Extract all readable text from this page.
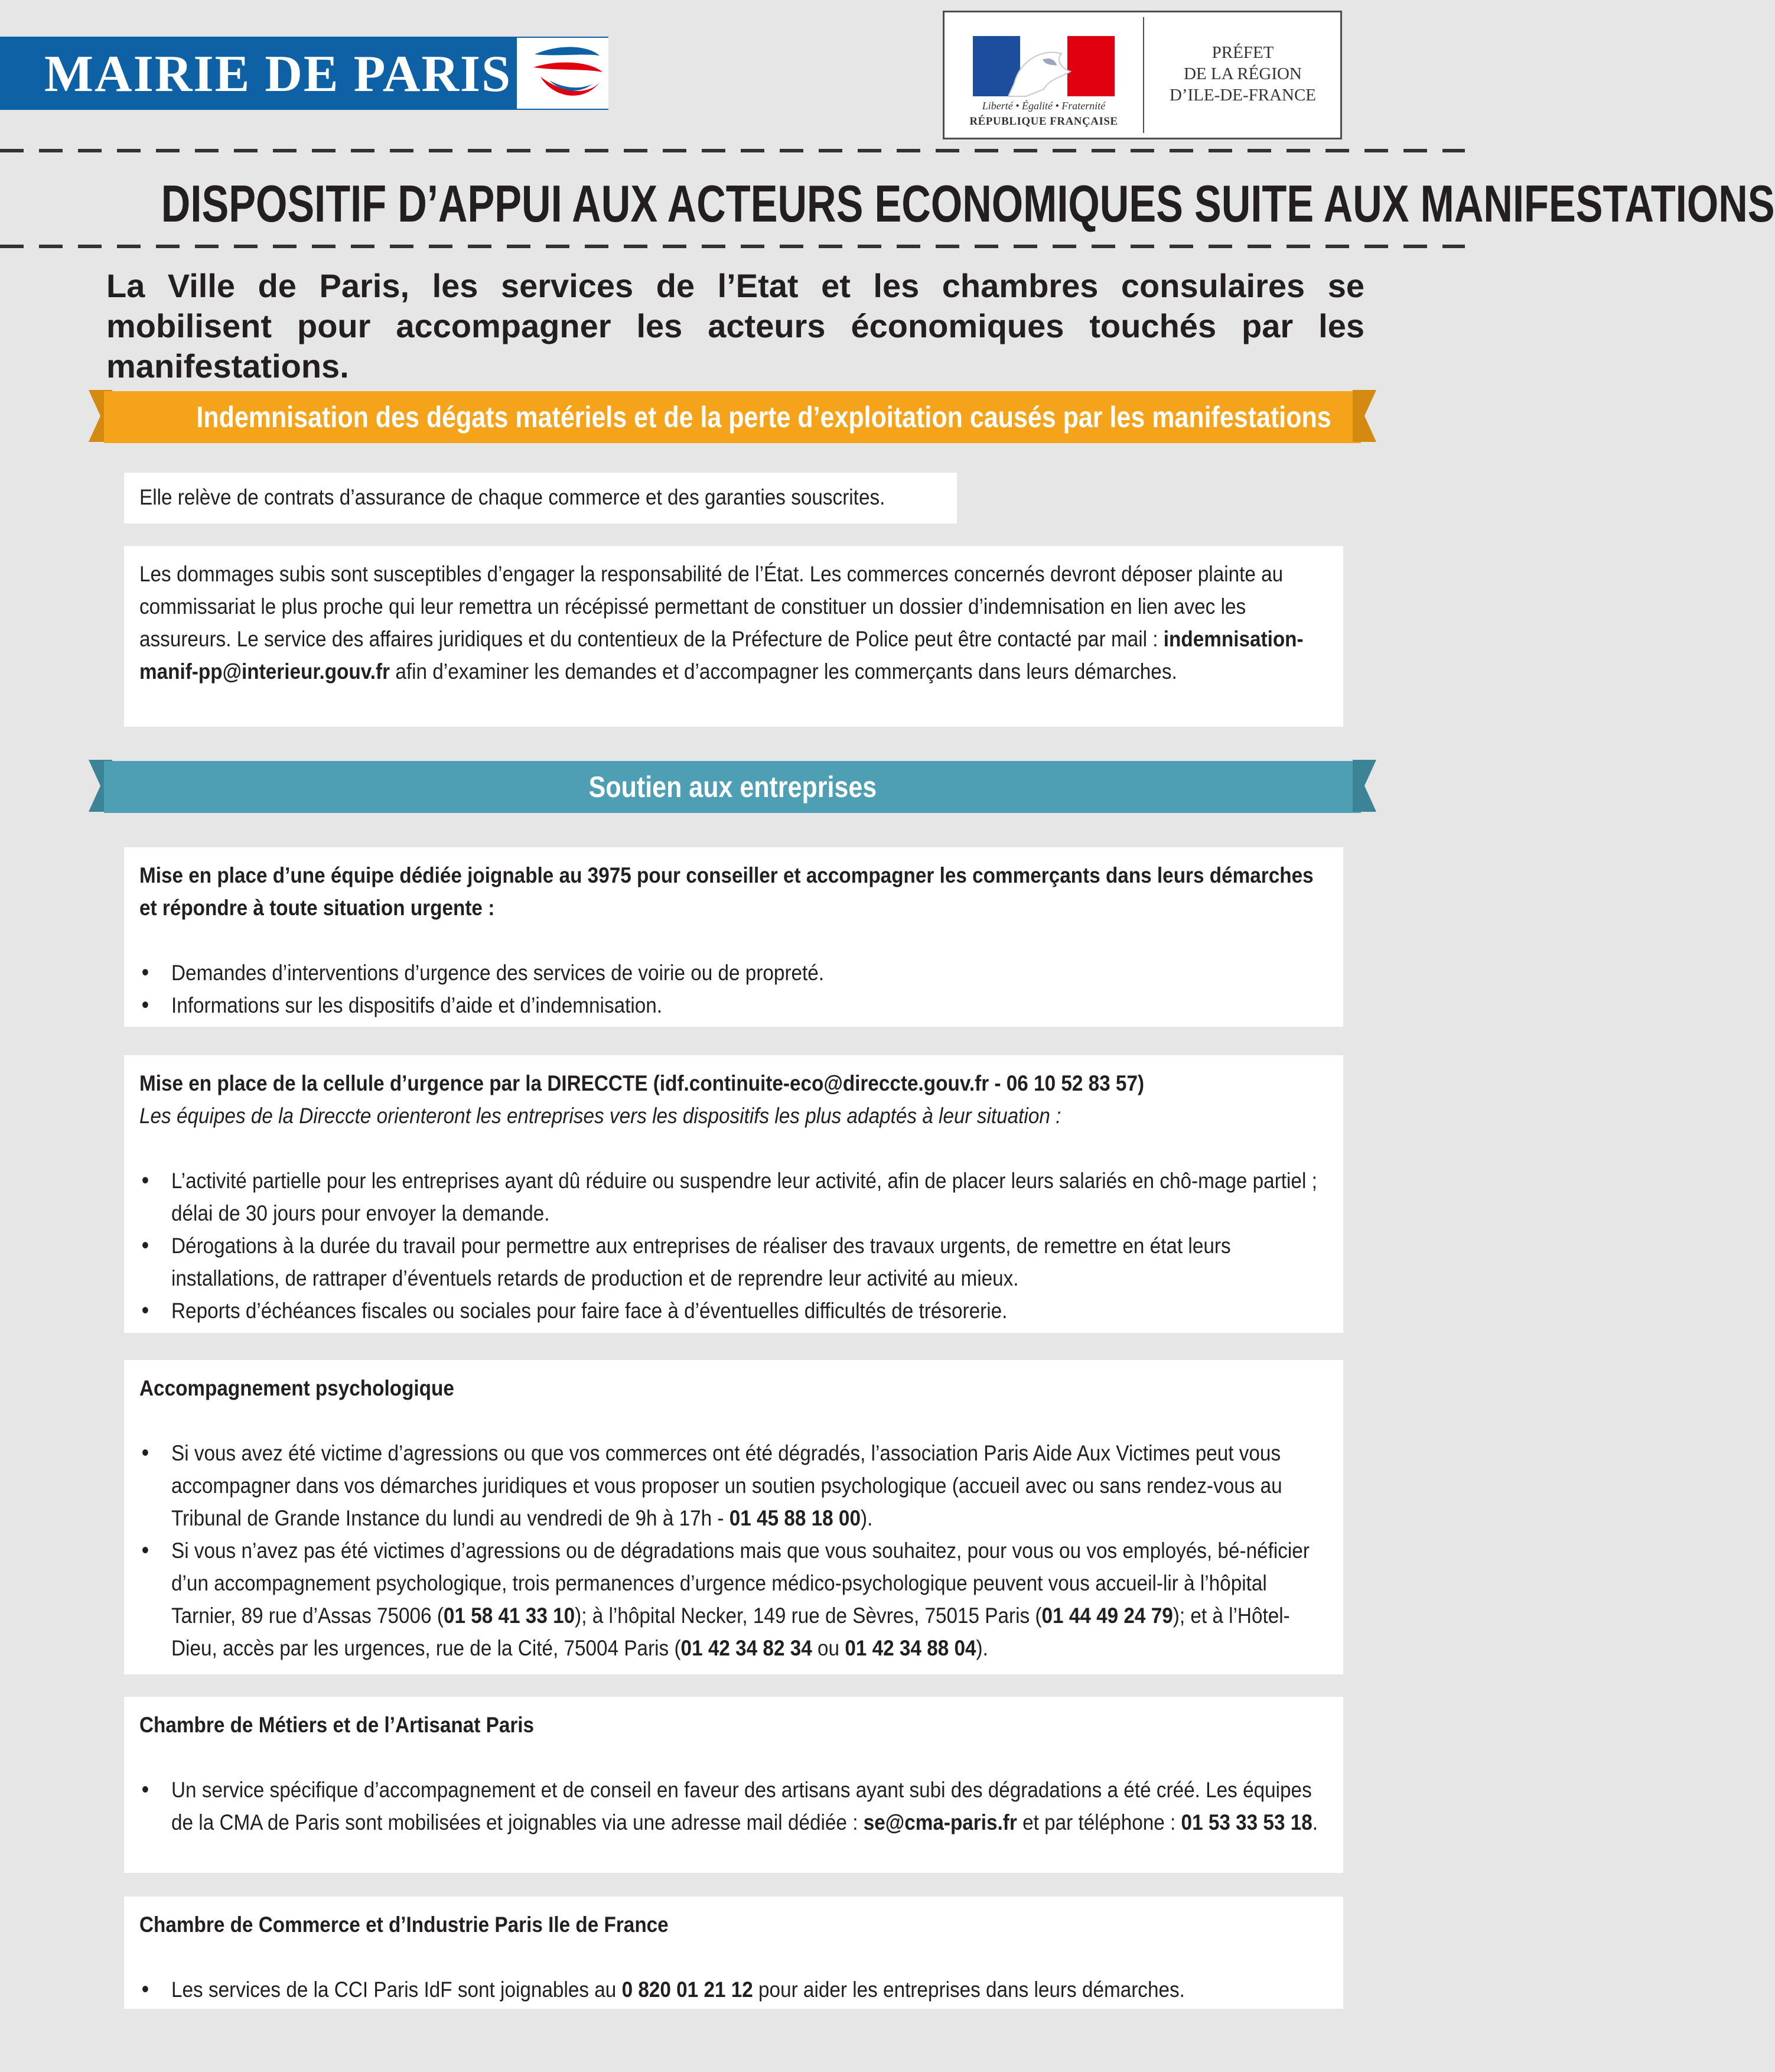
MAIRIE DE PARIS
Liberté • Égalité • Fraternité
RÉPUBLIQUE FRANÇAISE
PRÉFET
DE LA RÉGION
D’ILE-DE-FRANCE
DISPOSITIF D’APPUI AUX ACTEURS ECONOMIQUES SUITE AUX MANIFESTATIONS
La Ville de Paris, les services de l’Etat et les chambres consulaires se mobilisent pour accompagner les acteurs économiques touchés par les manifestations.
Indemnisation des dégats matériels et de la perte d’exploitation causés par les manifestations

Elle relève de contrats d’assurance de chaque commerce et des garanties souscrites.

Les dommages subis sont susceptibles d’engager la responsabilité de l’État. Les commerces concernés devront déposer plainte au commissariat le plus proche qui leur remettra un récépissé permettant de constituer un dossier d’indemnisation en lien avec les assureurs. Le service des affaires juridiques et du contentieux de la Préfecture de Police peut être contacté par mail : indemnisation-manif-pp@interieur.gouv.fr afin d’examiner les demandes et d’accompagner les commerçants dans leurs démarches.

Soutien aux entreprises

Mise en place d’une équipe dédiée joignable au 3975 pour conseiller et accompagner les commerçants dans leurs démarches et répondre à toute situation urgente :

• Demandes d’interventions d’urgence des services de voirie ou de propreté.
• Informations sur les dispositifs d’aide et d’indemnisation.

Mise en place de la cellule d’urgence par la DIRECCTE (idf.continuite-eco@direccte.gouv.fr - 06 10 52 83 57)

Les équipes de la Direccte orienteront les entreprises vers les dispositifs les plus adaptés à leur situation :

• L’activité partielle pour les entreprises ayant dû réduire ou suspendre leur activité, afin de placer leurs salariés en chô-mage partiel ; délai de 30 jours pour envoyer la demande.
• Dérogations à la durée du travail pour permettre aux entreprises de réaliser des travaux urgents, de remettre en état leurs installations, de rattraper d’éventuels retards de production et de reprendre leur activité au mieux.
• Reports d’échéances fiscales ou sociales pour faire face à d’éventuelles difficultés de trésorerie.

Accompagnement psychologique

• Si vous avez été victime d’agressions ou que vos commerces ont été dégradés, l’association Paris Aide Aux Victimes peut vous accompagner dans vos démarches juridiques et vous proposer un soutien psychologique (accueil avec ou sans rendez-vous au Tribunal de Grande Instance du lundi au vendredi de 9h à 17h - 01 45 88 18 00).
• Si vous n’avez pas été victimes d’agressions ou de dégradations mais que vous souhaitez, pour vous ou vos employés, bé-néficier d’un accompagnement psychologique, trois permanences d’urgence médico-psychologique peuvent vous accueil-lir à l’hôpital Tarnier, 89 rue d’Assas 75006 (01 58 41 33 10); à l’hôpital Necker, 149 rue de Sèvres, 75015 Paris (01 44 49 24 79); et à l’Hôtel-Dieu, accès par les urgences, rue de la Cité, 75004 Paris (01 42 34 82 34 ou 01 42 34 88 04).

Chambre de Métiers et de l’Artisanat Paris

• Un service spécifique d’accompagnement et de conseil en faveur des artisans ayant subi des dégradations a été créé. Les équipes de la CMA de Paris sont mobilisées et joignables via une adresse mail dédiée : se@cma-paris.fr et par téléphone : 01 53 33 53 18.

Chambre de Commerce et d’Industrie Paris Ile de France

• Les services de la CCI Paris IdF sont joignables au 0 820 01 21 12 pour aider les entreprises dans leurs démarches.
